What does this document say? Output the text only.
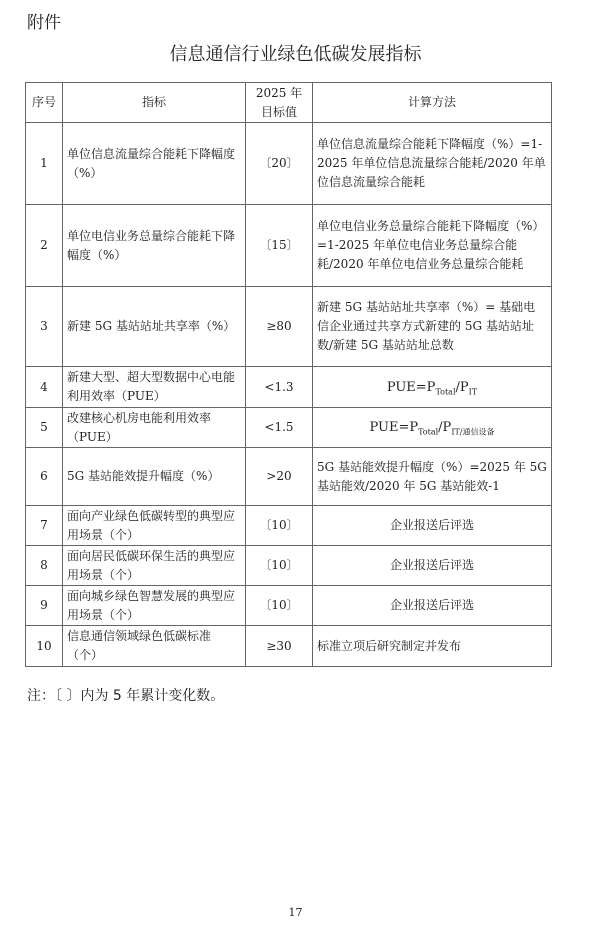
附件
信息通信行业绿色低碳发展指标
序号	指标	2025 年目标值	计算方法
1	单位信息流量综合能耗下降幅度（%）	〔20〕	单位信息流量综合能耗下降幅度（%）=1-2025 年单位信息流量综合能耗/2020 年单位信息流量综合能耗
2	单位电信业务总量综合能耗下降幅度（%）	〔15〕	单位电信业务总量综合能耗下降幅度（%）=1-2025 年单位电信业务总量综合能耗/2020 年单位电信业务总量综合能耗
3	新建 5G 基站站址共享率（%）	≥80	新建 5G 基站站址共享率（%）= 基础电信企业通过共享方式新建的 5G 基站站址数/新建 5G 基站站址总数
4	新建大型、超大型数据中心电能利用效率（PUE）	<1.3	$PUE=P_{Total}/P_{IT}$
5	改建核心机房电能利用效率（PUE）	<1.5	$PUE=P_{Total}/P_{IT/通信设备}$
6	5G 基站能效提升幅度（%）	>20	5G 基站能效提升幅度（%）=2025 年 5G 基站能效/2020 年 5G 基站能效-1
7	面向产业绿色低碳转型的典型应用场景（个）	〔10〕	企业报送后评选
8	面向居民低碳环保生活的典型应用场景（个）	〔10〕	企业报送后评选
9	面向城乡绿色智慧发展的典型应用场景（个）	〔10〕	企业报送后评选
10	信息通信领域绿色低碳标准（个）	≥30	标准立项后研究制定并发布
注：〔 〕内为 5 年累计变化数。
17
